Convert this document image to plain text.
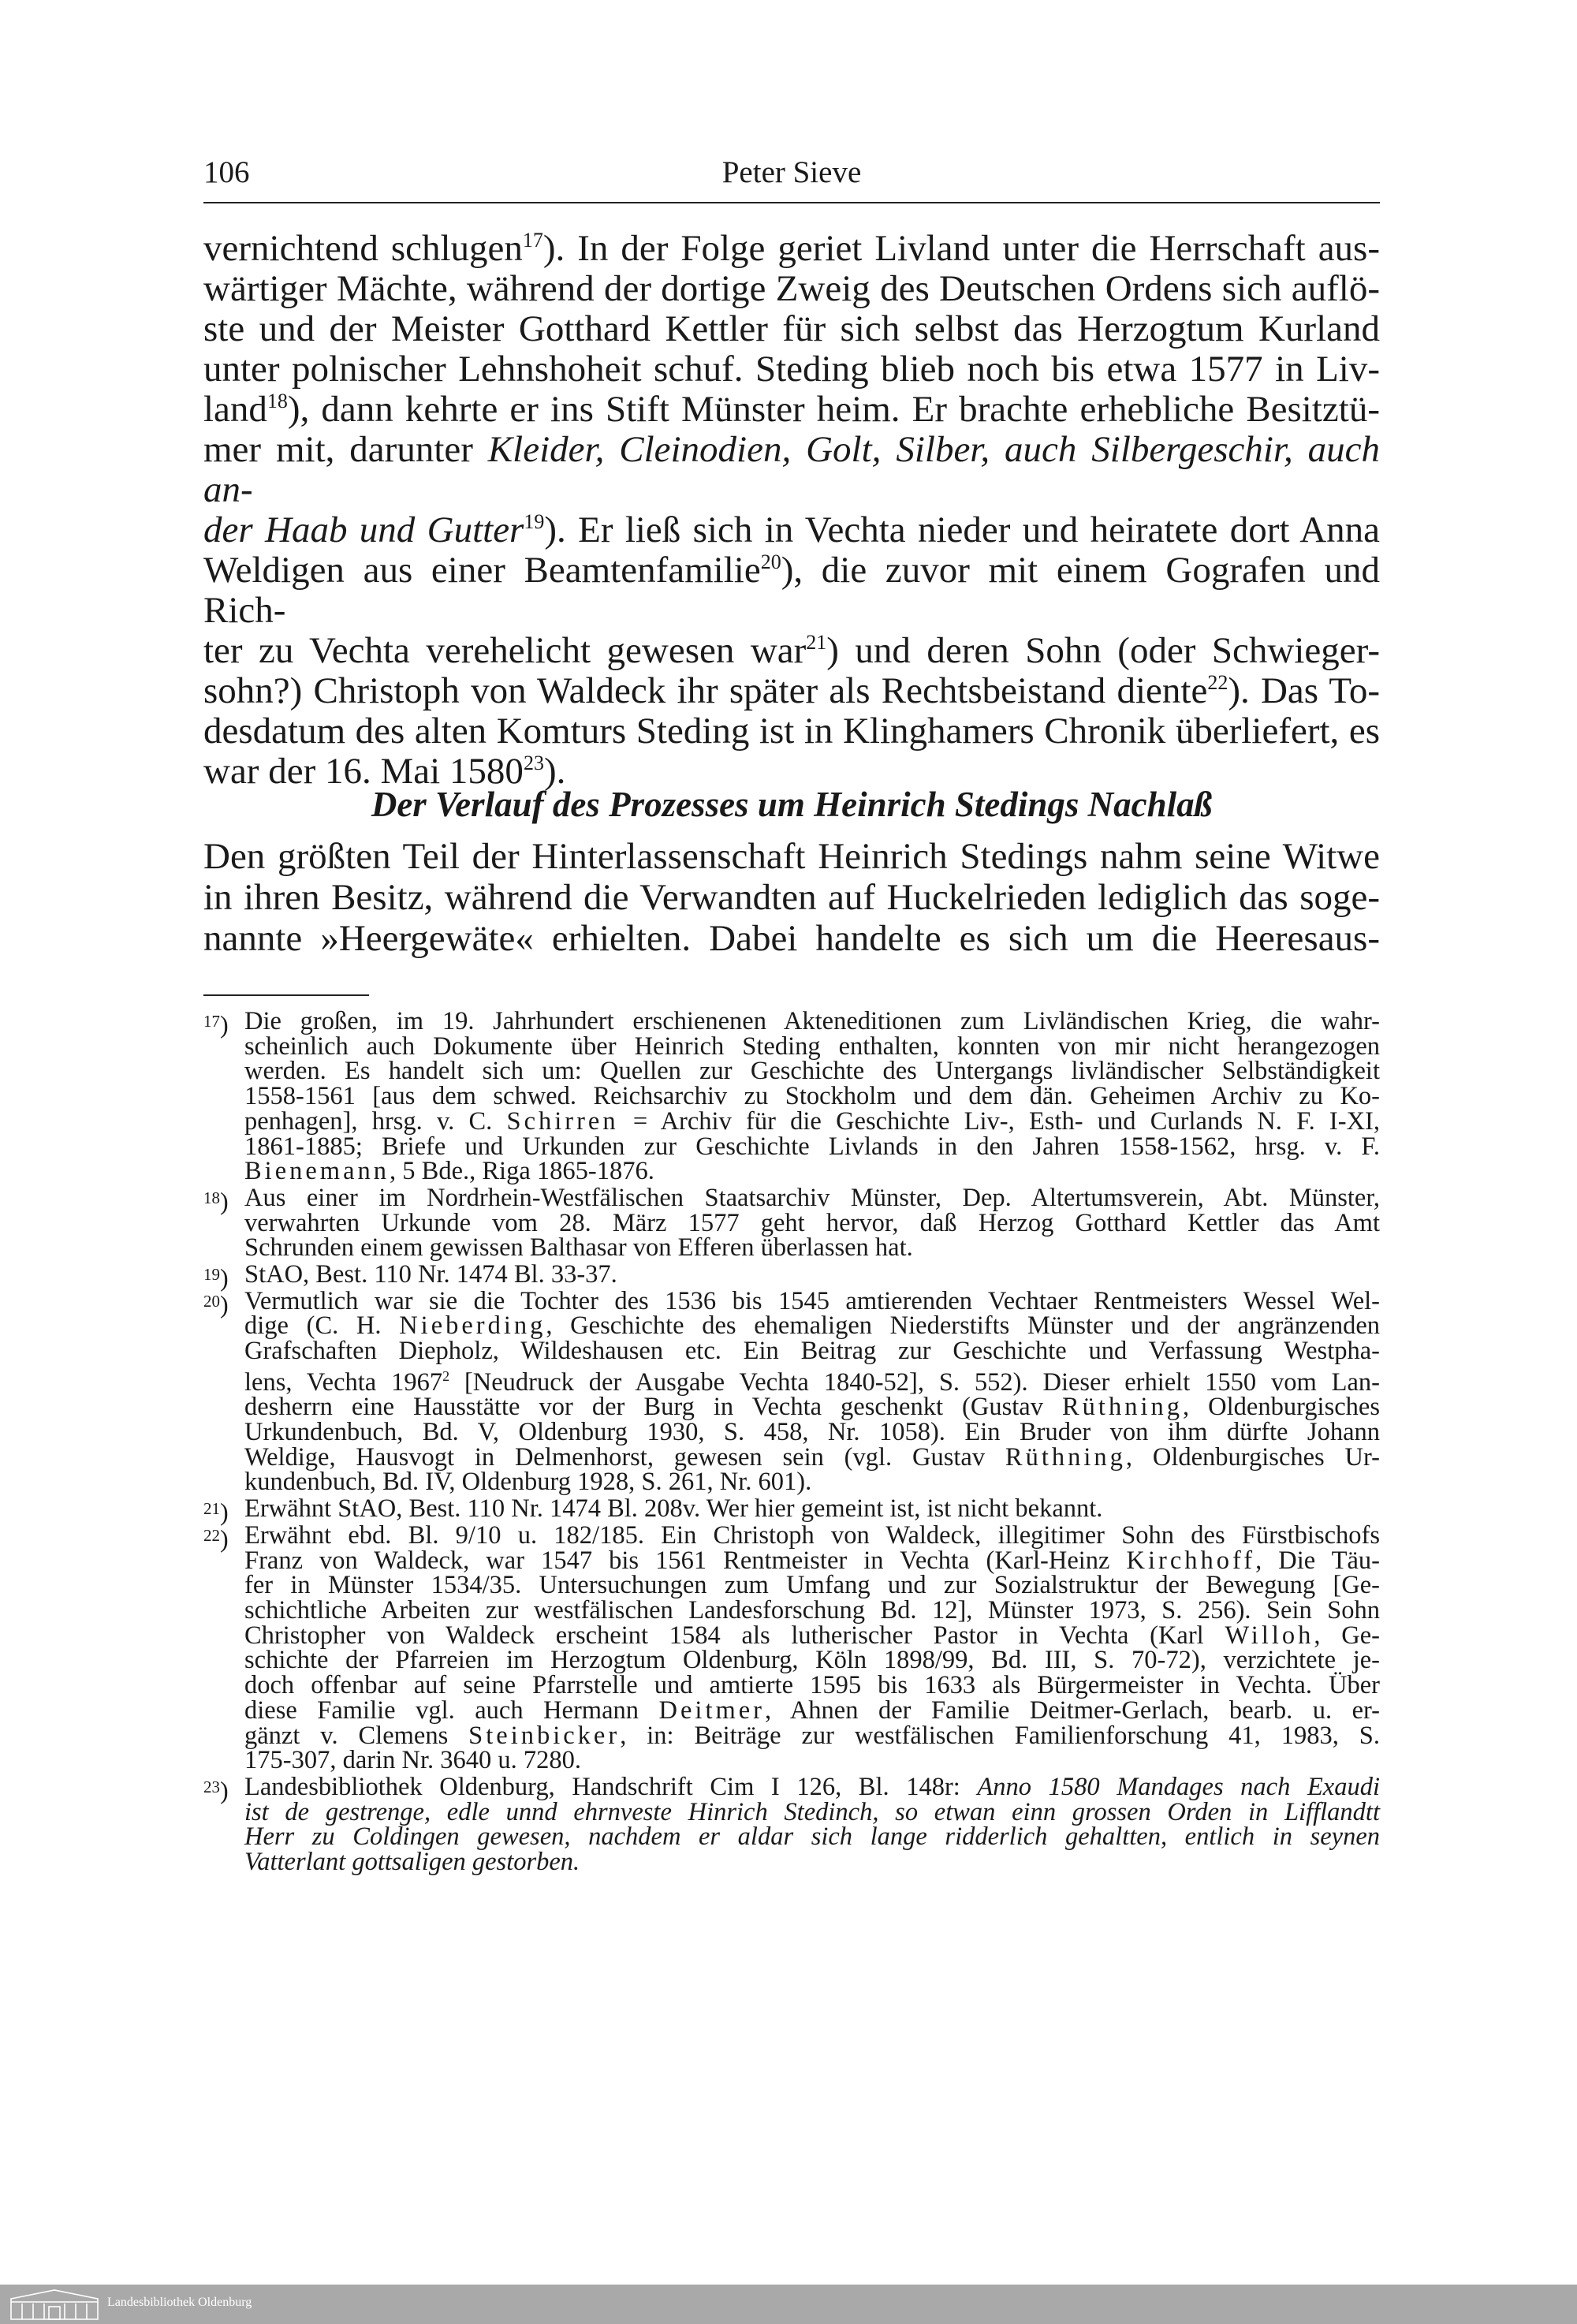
106	Peter Sieve
vernichtend schlugen$^{17}$). In der Folge geriet Livland unter die Herrschaft aus-
wärtiger Mächte, während der dortige Zweig des Deutschen Ordens sich auflö-
ste und der Meister Gotthard Kettler für sich selbst das Herzogtum Kurland
unter polnischer Lehnshoheit schuf. Steding blieb noch bis etwa 1577 in Liv-
land$^{18}$), dann kehrte er ins Stift Münster heim. Er brachte erhebliche Besitztü-
mer mit, darunter Kleider, Cleinodien, Golt, Silber, auch Silbergeschir, auch an-
der Haab und Gutter$^{19}$). Er ließ sich in Vechta nieder und heiratete dort Anna
Weldigen aus einer Beamtenfamilie$^{20}$), die zuvor mit einem Gografen und Rich-
ter zu Vechta verehelicht gewesen war$^{21}$) und deren Sohn (oder Schwieger-
sohn?) Christoph von Waldeck ihr später als Rechtsbeistand diente$^{22}$). Das To-
desdatum des alten Komturs Steding ist in Klinghamers Chronik überliefert, es
war der 16. Mai 1580$^{23}$).
Der Verlauf des Prozesses um Heinrich Stedings Nachlaß
Den größten Teil der Hinterlassenschaft Heinrich Stedings nahm seine Witwe
in ihren Besitz, während die Verwandten auf Huckelrieden lediglich das soge-
nannte »Heergewäte« erhielten. Dabei handelte es sich um die Heeresaus-
$^{17}$) Die großen, im 19. Jahrhundert erschienenen Akteneditionen zum Livländischen Krieg, die wahr-
scheinlich auch Dokumente über Heinrich Steding enthalten, konnten von mir nicht herangezogen
werden. Es handelt sich um: Quellen zur Geschichte des Untergangs livländischer Selbständigkeit
1558-1561 [aus dem schwed. Reichsarchiv zu Stockholm und dem dän. Geheimen Archiv zu Ko-
penhagen], hrsg. v. C. Schirren = Archiv für die Geschichte Liv-, Esth- und Curlands N. F. I-XI,
1861-1885; Briefe und Urkunden zur Geschichte Livlands in den Jahren 1558-1562, hrsg. v. F.
Bienemann, 5 Bde., Riga 1865-1876.
$^{18}$) Aus einer im Nordrhein-Westfälischen Staatsarchiv Münster, Dep. Altertumsverein, Abt. Münster,
verwahrten Urkunde vom 28. März 1577 geht hervor, daß Herzog Gotthard Kettler das Amt
Schrunden einem gewissen Balthasar von Efferen überlassen hat.
$^{19}$) StAO, Best. 110 Nr. 1474 Bl. 33-37.
$^{20}$) Vermutlich war sie die Tochter des 1536 bis 1545 amtierenden Vechtaer Rentmeisters Wessel Wel-
dige (C. H. Nieberding, Geschichte des ehemaligen Niederstifts Münster und der angränzenden
Grafschaften Diepholz, Wildeshausen etc. Ein Beitrag zur Geschichte und Verfassung Westpha-
lens, Vechta 1967$^2$ [Neudruck der Ausgabe Vechta 1840-52], S. 552). Dieser erhielt 1550 vom Lan-
desherrn eine Hausstätte vor der Burg in Vechta geschenkt (Gustav Rüthning, Oldenburgisches
Urkundenbuch, Bd. V, Oldenburg 1930, S. 458, Nr. 1058). Ein Bruder von ihm dürfte Johann
Weldige, Hausvogt in Delmenhorst, gewesen sein (vgl. Gustav Rüthning, Oldenburgisches Ur-
kundenbuch, Bd. IV, Oldenburg 1928, S. 261, Nr. 601).
$^{21}$) Erwähnt StAO, Best. 110 Nr. 1474 Bl. 208v. Wer hier gemeint ist, ist nicht bekannt.
$^{22}$) Erwähnt ebd. Bl. 9/10 u. 182/185. Ein Christoph von Waldeck, illegitimer Sohn des Fürstbischofs
Franz von Waldeck, war 1547 bis 1561 Rentmeister in Vechta (Karl-Heinz Kirchhoff, Die Täu-
fer in Münster 1534/35. Untersuchungen zum Umfang und zur Sozialstruktur der Bewegung [Ge-
schichtliche Arbeiten zur westfälischen Landesforschung Bd. 12], Münster 1973, S. 256). Sein Sohn
Christopher von Waldeck erscheint 1584 als lutherischer Pastor in Vechta (Karl Willoh, Ge-
schichte der Pfarreien im Herzogtum Oldenburg, Köln 1898/99, Bd. III, S. 70-72), verzichtete je-
doch offenbar auf seine Pfarrstelle und amtierte 1595 bis 1633 als Bürgermeister in Vechta. Über
diese Familie vgl. auch Hermann Deitmer, Ahnen der Familie Deitmer-Gerlach, bearb. u. er-
gänzt v. Clemens Steinbicker, in: Beiträge zur westfälischen Familienforschung 41, 1983, S.
175-307, darin Nr. 3640 u. 7280.
$^{23}$) Landesbibliothek Oldenburg, Handschrift Cim I 126, Bl. 148r: Anno 1580 Mandages nach Exaudi
ist de gestrenge, edle unnd ehrnveste Hinrich Stedinch, so etwan einn grossen Orden in Lifflandtt
Herr zu Coldingen gewesen, nachdem er aldar sich lange ridderlich gehaltten, entlich in seynen
Vatterlant gottsaligen gestorben.
Landesbibliothek Oldenburg
